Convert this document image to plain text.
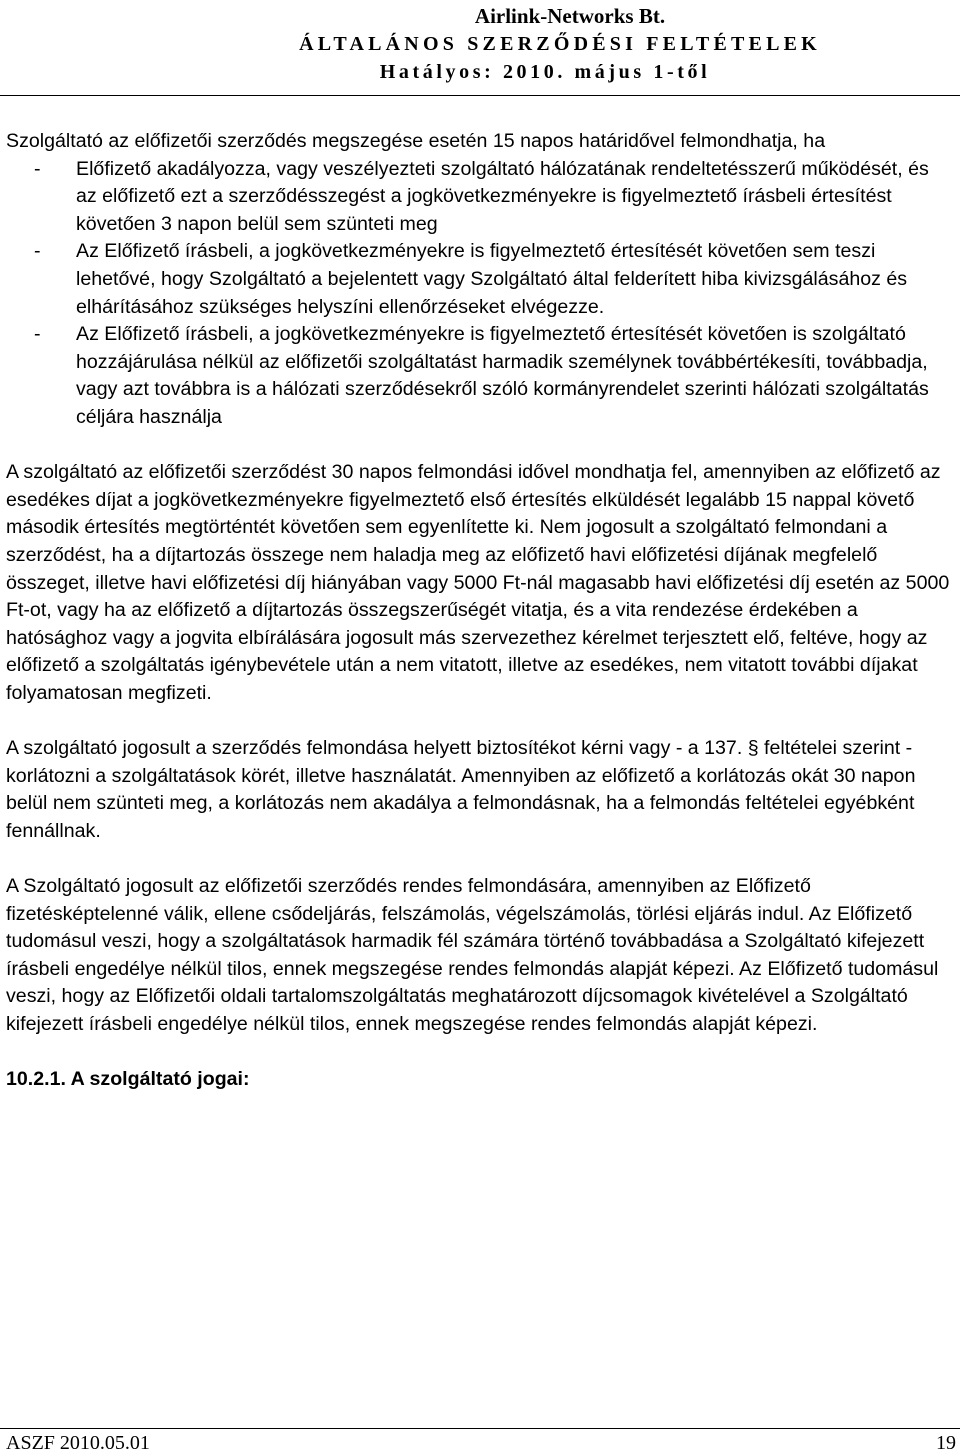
Airlink-Networks Bt.
ÁLTALÁNOS SZERZŐDÉSI FELTÉTELEK
Hatályos: 2010. május 1-től

Szolgáltató az előfizetői szerződés megszegése esetén 15 napos határidővel felmondhatja, ha

- Előfizető akadályozza, vagy veszélyezteti szolgáltató hálózatának rendeltetésszerű működését, és az előfizető ezt a szerződésszegést a jogkövetkezményekre is figyelmeztető írásbeli értesítést követően 3 napon belül sem szünteti meg
- Az Előfizető írásbeli, a jogkövetkezményekre is figyelmeztető értesítését követően sem teszi lehetővé, hogy Szolgáltató a bejelentett vagy Szolgáltató által felderített hiba kivizsgálásához és elhárításához szükséges helyszíni ellenőrzéseket elvégezze.
- Az Előfizető írásbeli, a jogkövetkezményekre is figyelmeztető értesítését követően is szolgáltató hozzájárulása nélkül az előfizetői szolgáltatást harmadik személynek továbbértékesíti, továbbadja, vagy azt továbbra is a hálózati szerződésekről szóló kormányrendelet szerinti hálózati szolgáltatás céljára használja

A szolgáltató az előfizetői szerződést 30 napos felmondási idővel mondhatja fel, amennyiben az előfizető az esedékes díjat a jogkövetkezményekre figyelmeztető első értesítés elküldését legalább 15 nappal követő második értesítés megtörténtét követően sem egyenlítette ki. Nem jogosult a szolgáltató felmondani a szerződést, ha a díjtartozás összege nem haladja meg az előfizető havi előfizetési díjának megfelelő összeget, illetve havi előfizetési díj hiányában vagy 5000 Ft-nál magasabb havi előfizetési díj esetén az 5000 Ft-ot, vagy ha az előfizető a díjtartozás összegszerűségét vitatja, és a vita rendezése érdekében a hatósághoz vagy a jogvita elbírálására jogosult más szervezethez kérelmet terjesztett elő, feltéve, hogy az előfizető a szolgáltatás igénybevétele után a nem vitatott, illetve az esedékes, nem vitatott további díjakat folyamatosan megfizeti.

A szolgáltató jogosult a szerződés felmondása helyett biztosítékot kérni vagy - a 137. § feltételei szerint - korlátozni a szolgáltatások körét, illetve használatát. Amennyiben az előfizető a korlátozás okát 30 napon belül nem szünteti meg, a korlátozás nem akadálya a felmondásnak, ha a felmondás feltételei egyébként fennállnak.

A Szolgáltató jogosult az előfizetői szerződés rendes felmondására, amennyiben az Előfizető fizetésképtelenné válik, ellene csődeljárás, felszámolás, végelszámolás, törlési eljárás indul. Az Előfizető tudomásul veszi, hogy a szolgáltatások harmadik fél számára történő továbbadása a Szolgáltató kifejezett írásbeli engedélye nélkül tilos, ennek megszegése rendes felmondás alapját képezi. Az Előfizető tudomásul veszi, hogy az Előfizetői oldali tartalomszolgáltatás meghatározott díjcsomagok kivételével a Szolgáltató kifejezett írásbeli engedélye nélkül tilos, ennek megszegése rendes felmondás alapját képezi.

10.2.1. A szolgáltató jogai:

ASZF 2010.05.01	19
